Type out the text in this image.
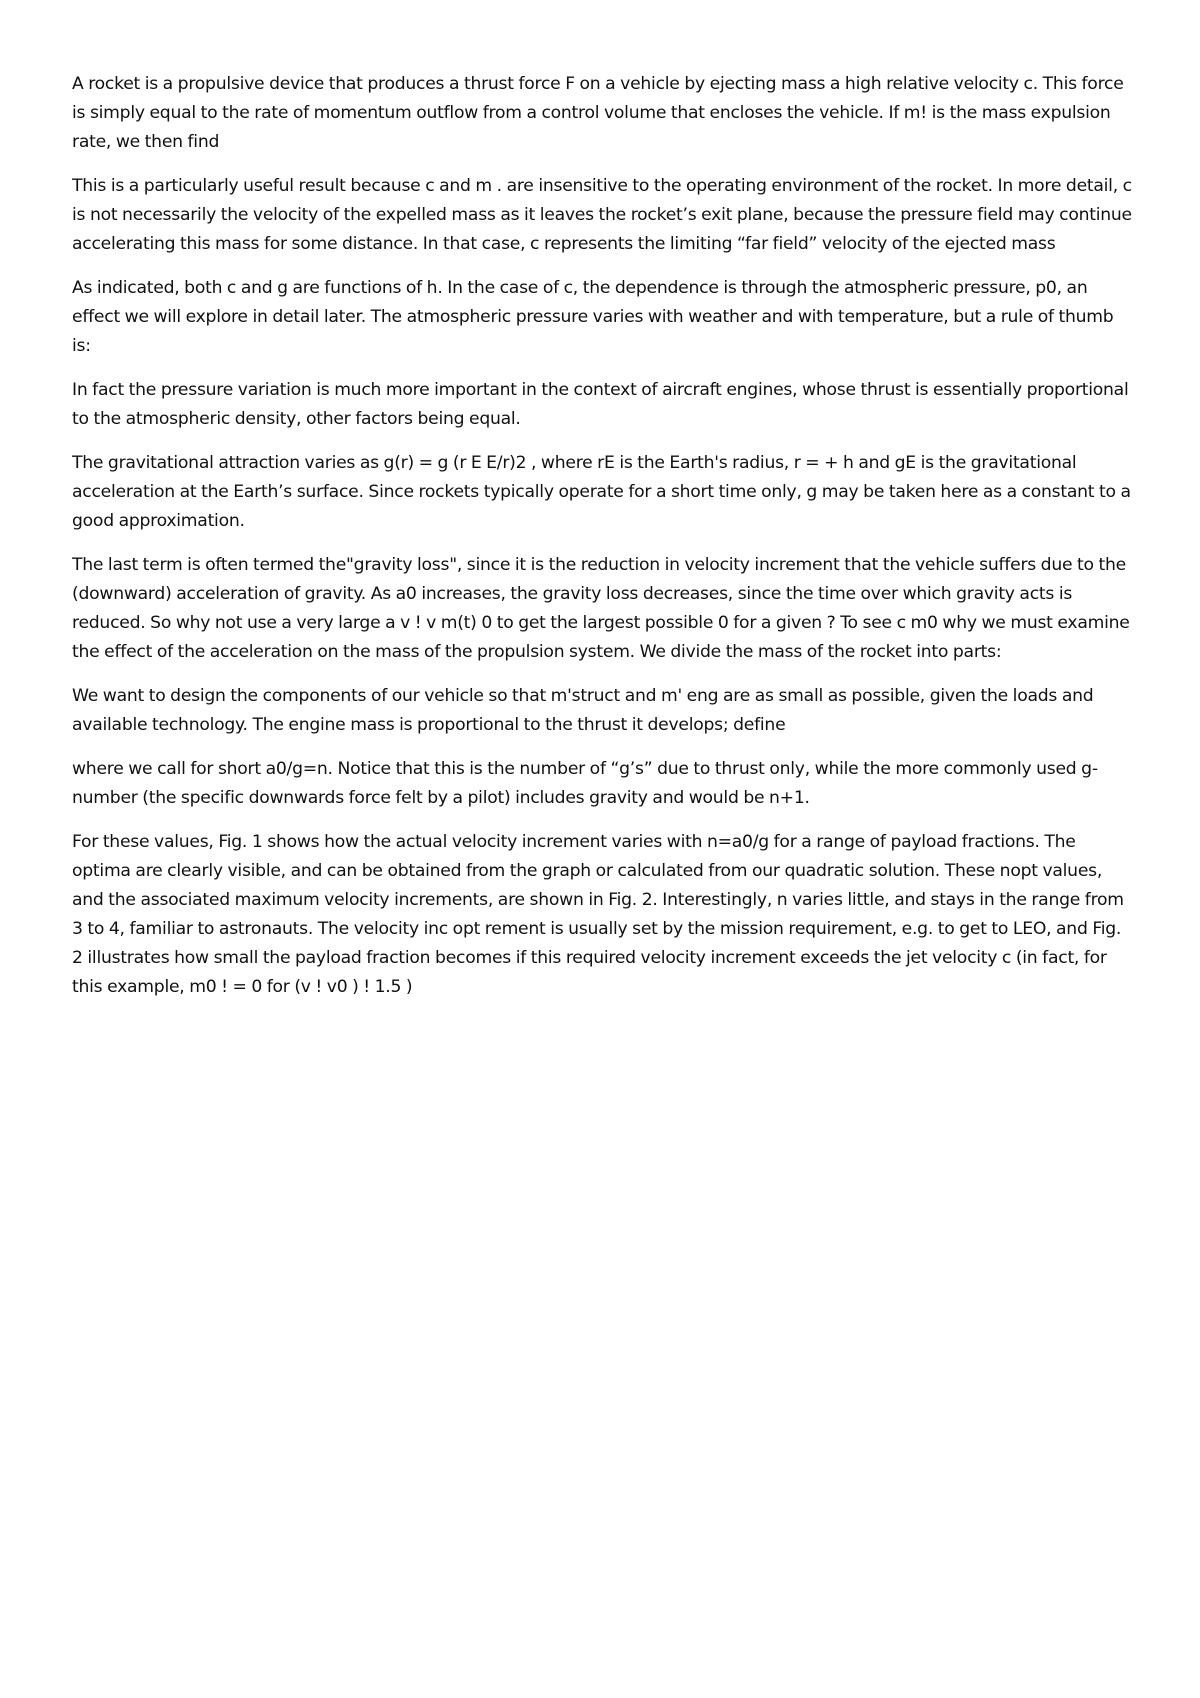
A rocket is a propulsive device that produces a thrust force F on a vehicle by ejecting mass a high relative velocity c. This force is simply equal to the rate of momentum outflow from a control volume that encloses the vehicle. If m! is the mass expulsion rate, we then find

This is a particularly useful result because c and m . are insensitive to the operating environment of the rocket. In more detail, c is not necessarily the velocity of the expelled mass as it leaves the rocket’s exit plane, because the pressure field may continue accelerating this mass for some distance. In that case, c represents the limiting “far field” velocity of the ejected mass

As indicated, both c and g are functions of h. In the case of c, the dependence is through the atmospheric pressure, p0, an effect we will explore in detail later. The atmospheric pressure varies with weather and with temperature, but a rule of thumb is:

In fact the pressure variation is much more important in the context of aircraft engines, whose thrust is essentially proportional to the atmospheric density, other factors being equal.

The gravitational attraction varies as g(r) = g (r E E/r)2 , where rE is the Earth's radius, r = + h and gE is the gravitational acceleration at the Earth’s surface. Since rockets typically operate for a short time only, g may be taken here as a constant to a good approximation.

The last term is often termed the"gravity loss", since it is the reduction in velocity increment that the vehicle suffers due to the (downward) acceleration of gravity. As a0 increases, the gravity loss decreases, since the time over which gravity acts is reduced. So why not use a very large a v ! v m(t) 0 to get the largest possible 0 for a given ? To see c m0 why we must examine the effect of the acceleration on the mass of the propulsion system. We divide the mass of the rocket into parts:

We want to design the components of our vehicle so that m'struct and m' eng are as small as possible, given the loads and available technology. The engine mass is proportional to the thrust it develops; define

where we call for short a0/g=n. Notice that this is the number of “g’s” due to thrust only, while the more commonly used g-number (the specific downwards force felt by a pilot) includes gravity and would be n+1.

For these values, Fig. 1 shows how the actual velocity increment varies with n=a0/g for a range of payload fractions. The optima are clearly visible, and can be obtained from the graph or calculated from our quadratic solution. These nopt values, and the associated maximum velocity increments, are shown in Fig. 2. Interestingly, n varies little, and stays in the range from 3 to 4, familiar to astronauts. The velocity inc opt rement is usually set by the mission requirement, e.g. to get to LEO, and Fig. 2 illustrates how small the payload fraction becomes if this required velocity increment exceeds the jet velocity c (in fact, for this example, m0 ! = 0 for (v ! v0 ) ! 1.5 )
